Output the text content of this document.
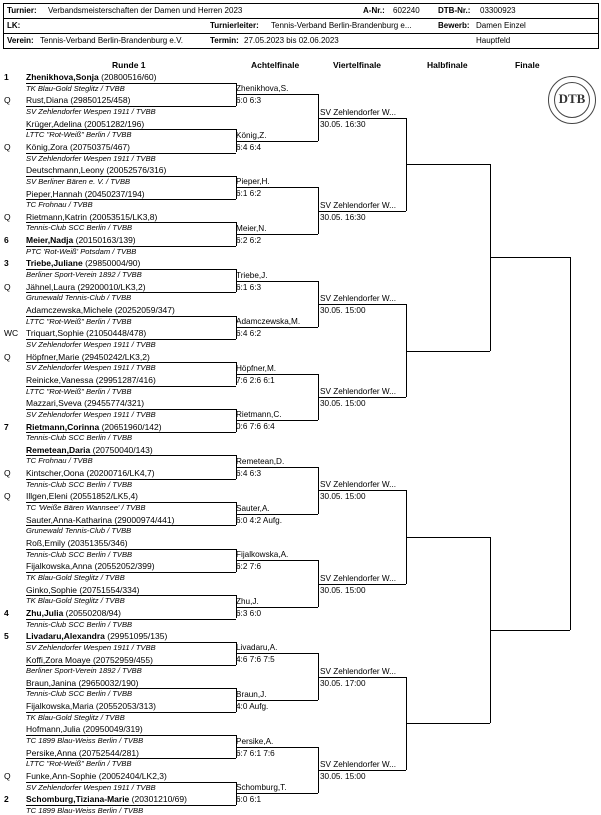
Turnier: Verbandsmeisterschaften der Damen und Herren 2023	A-Nr.: 602240 DTB-Nr.: 03300923
LK:	Turnierleiter: Tennis-Verband Berlin-Brandenburg e...	Bewerb: Damen Einzel
Verein: Tennis-Verband Berlin-Brandenburg e.V.	Termin: 27.05.2023 bis 02.06.2023	Hauptfeld
Runde 1	Achtelfinale	Viertelfinale	Halbfinale	Finale
DTB
1 Zhenikhova,Sonja (20800516/60)
TK Blau-Gold Steglitz / TVBB
Q Rust,Diana (29850125/458)
SV Zehlendorfer Wespen 1911 / TVBB
Krüger,Adelina (20051282/196)
LTTC "Rot-Weiß" Berlin / TVBB
Q König,Zora (20750375/467)
SV Zehlendorfer Wespen 1911 / TVBB
Deutschmann,Leony (20052576/316)
SV Berliner Bären e. V. / TVBB
Pieper,Hannah (20450237/194)
TC Frohnau / TVBB
Q Rietmann,Katrin (20053515/LK3,8)
Tennis-Club SCC Berlin / TVBB
6 Meier,Nadja (20150163/139)
PTC 'Rot-Weiß' Potsdam / TVBB
3 Triebe,Juliane (29850004/90)
Berliner Sport-Verein 1892 / TVBB
Q Jähnel,Laura (29200010/LK3,2)
Grunewald Tennis-Club / TVBB
Adamczewska,Michele (20252059/347)
LTTC "Rot-Weiß" Berlin / TVBB
WC Triquart,Sophie (21050448/478)
SV Zehlendorfer Wespen 1911 / TVBB
Q Höpfner,Marie (29450242/LK3,2)
SV Zehlendorfer Wespen 1911 / TVBB
Reinicke,Vanessa (29951287/416)
LTTC "Rot-Weiß" Berlin / TVBB
Mazzari,Sveva (29455774/321)
SV Zehlendorfer Wespen 1911 / TVBB
7 Rietmann,Corinna (20651960/142)
Tennis-Club SCC Berlin / TVBB
Remetean,Daria (20750040/143)
TC Frohnau / TVBB
Q Kintscher,Oona (20200716/LK4,7)
Tennis-Club SCC Berlin / TVBB
Q Illgen,Eleni (20551852/LK5,4)
TC 'Weiße Bären Wannsee' / TVBB
Sauter,Anna-Katharina (29000974/441)
Grunewald Tennis-Club / TVBB
Roß,Emily (20351355/346)
Tennis-Club SCC Berlin / TVBB
Fijalkowska,Anna (20552052/399)
TK Blau-Gold Steglitz / TVBB
Ginko,Sophie (20751554/334)
TK Blau-Gold Steglitz / TVBB
4 Zhu,Julia (20550208/94)
Tennis-Club SCC Berlin / TVBB
5 Livadaru,Alexandra (29951095/135)
SV Zehlendorfer Wespen 1911 / TVBB
Koffi,Zora Moaye (20752959/455)
Berliner Sport-Verein 1892 / TVBB
Braun,Janina (29650032/190)
Tennis-Club SCC Berlin / TVBB
Fijalkowska,Maria (20552053/313)
TK Blau-Gold Steglitz / TVBB
Hofmann,Julia (20950049/319)
TC 1899 Blau-Weiss Berlin / TVBB
Persike,Anna (20752544/281)
LTTC "Rot-Weiß" Berlin / TVBB
Q Funke,Ann-Sophie (20052404/LK2,3)
SV Zehlendorfer Wespen 1911 / TVBB
2 Schomburg,Tiziana-Marie (20301210/69)
TC 1899 Blau-Weiss Berlin / TVBB
Zhenikhova,S.
6:0 6:3
König,Z.
6:4 6:4
Pieper,H.
6:1 6:2
Meier,N.
6:2 6:2
Triebe,J.
6:1 6:3
Adamczewska,M.
6:4 6:2
Höpfner,M.
7:6 2:6 6:1
Rietmann,C.
0:6 7:6 6:4
Remetean,D.
6:4 6:3
Sauter,A.
6:0 4:2 Aufg.
Fijalkowska,A.
6:2 7:6
Zhu,J.
6:3 6:0
Livadaru,A.
4:6 7:6 7:5
Braun,J.
4:0 Aufg.
Persike,A.
6:7 6:1 7:6
Schomburg,T.
6:0 6:1
SV Zehlendorfer W...
30.05. 16:30
SV Zehlendorfer W...
30.05. 16:30
SV Zehlendorfer W...
30.05. 15:00
SV Zehlendorfer W...
30.05. 15:00
SV Zehlendorfer W...
30.05. 15:00
SV Zehlendorfer W...
30.05. 15:00
SV Zehlendorfer W...
30.05. 17:00
SV Zehlendorfer W...
30.05. 15:00
